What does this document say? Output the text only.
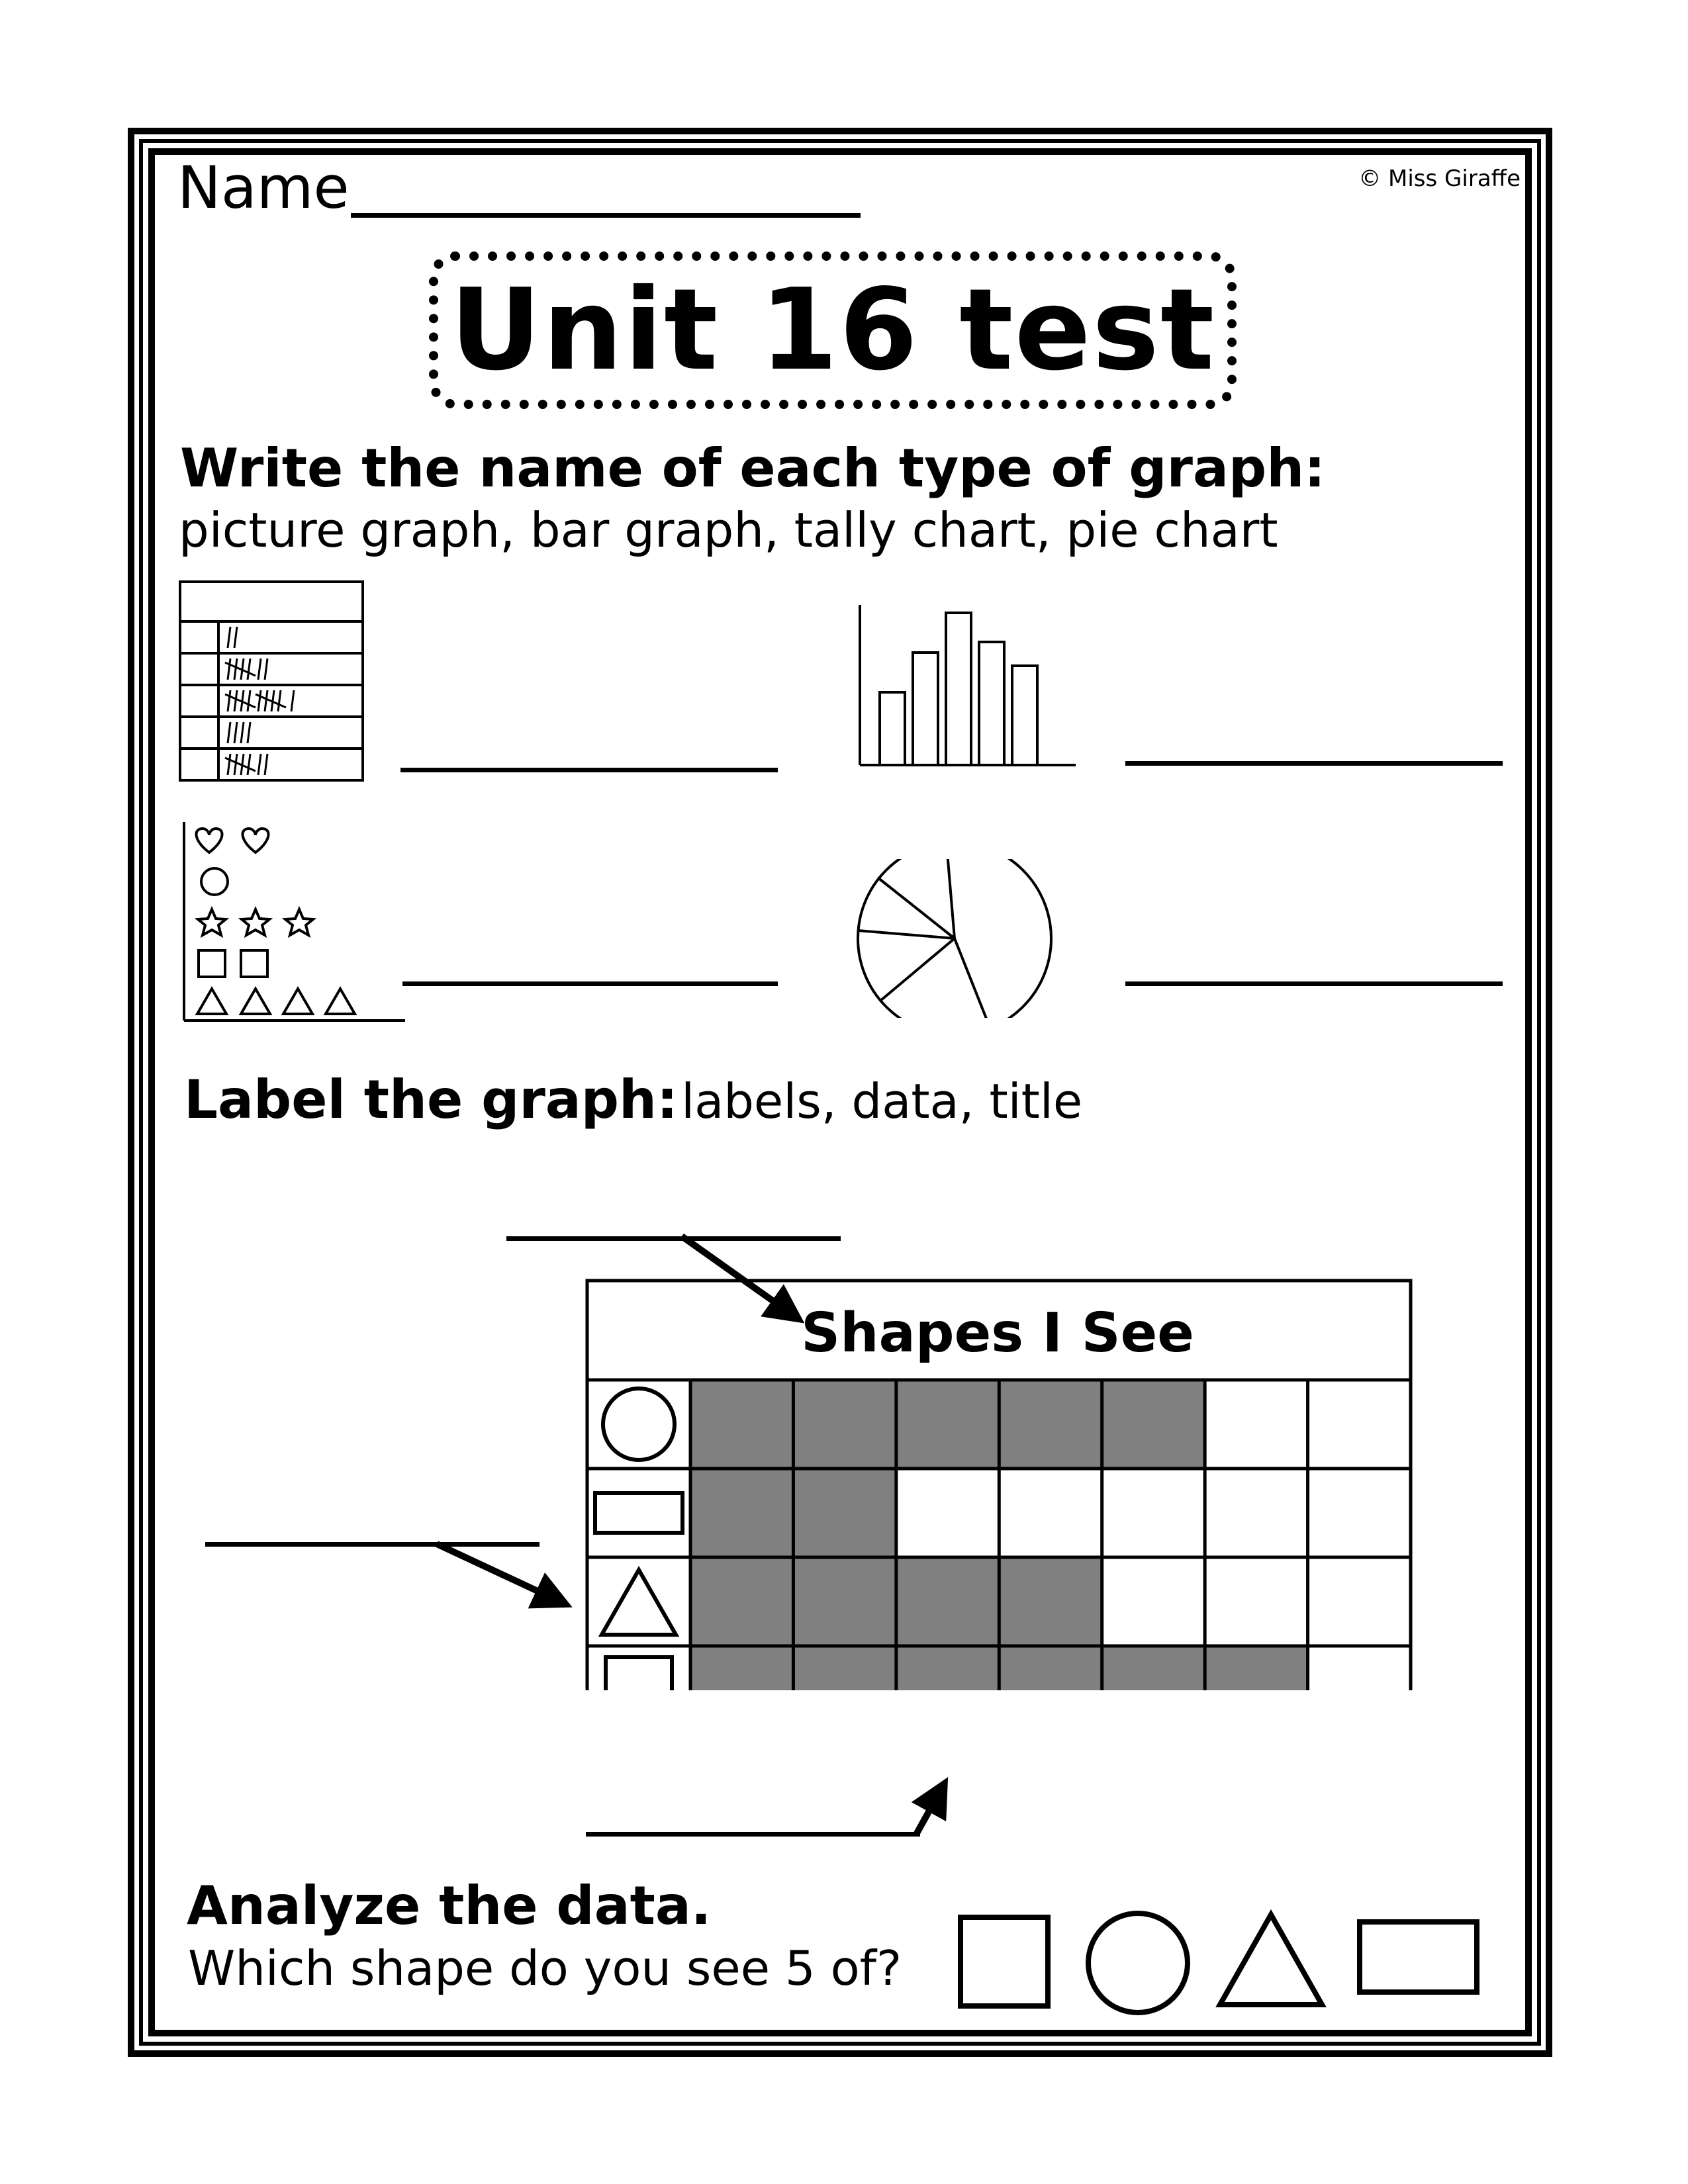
Name	© Miss Giraffe
Unit 16 test
Write the name of each type of graph:
picture graph, bar graph, tally chart, pie chart
Label the graph: labels, data, title
Shapes I See
Analyze the data.
Which shape do you see 5 of?
